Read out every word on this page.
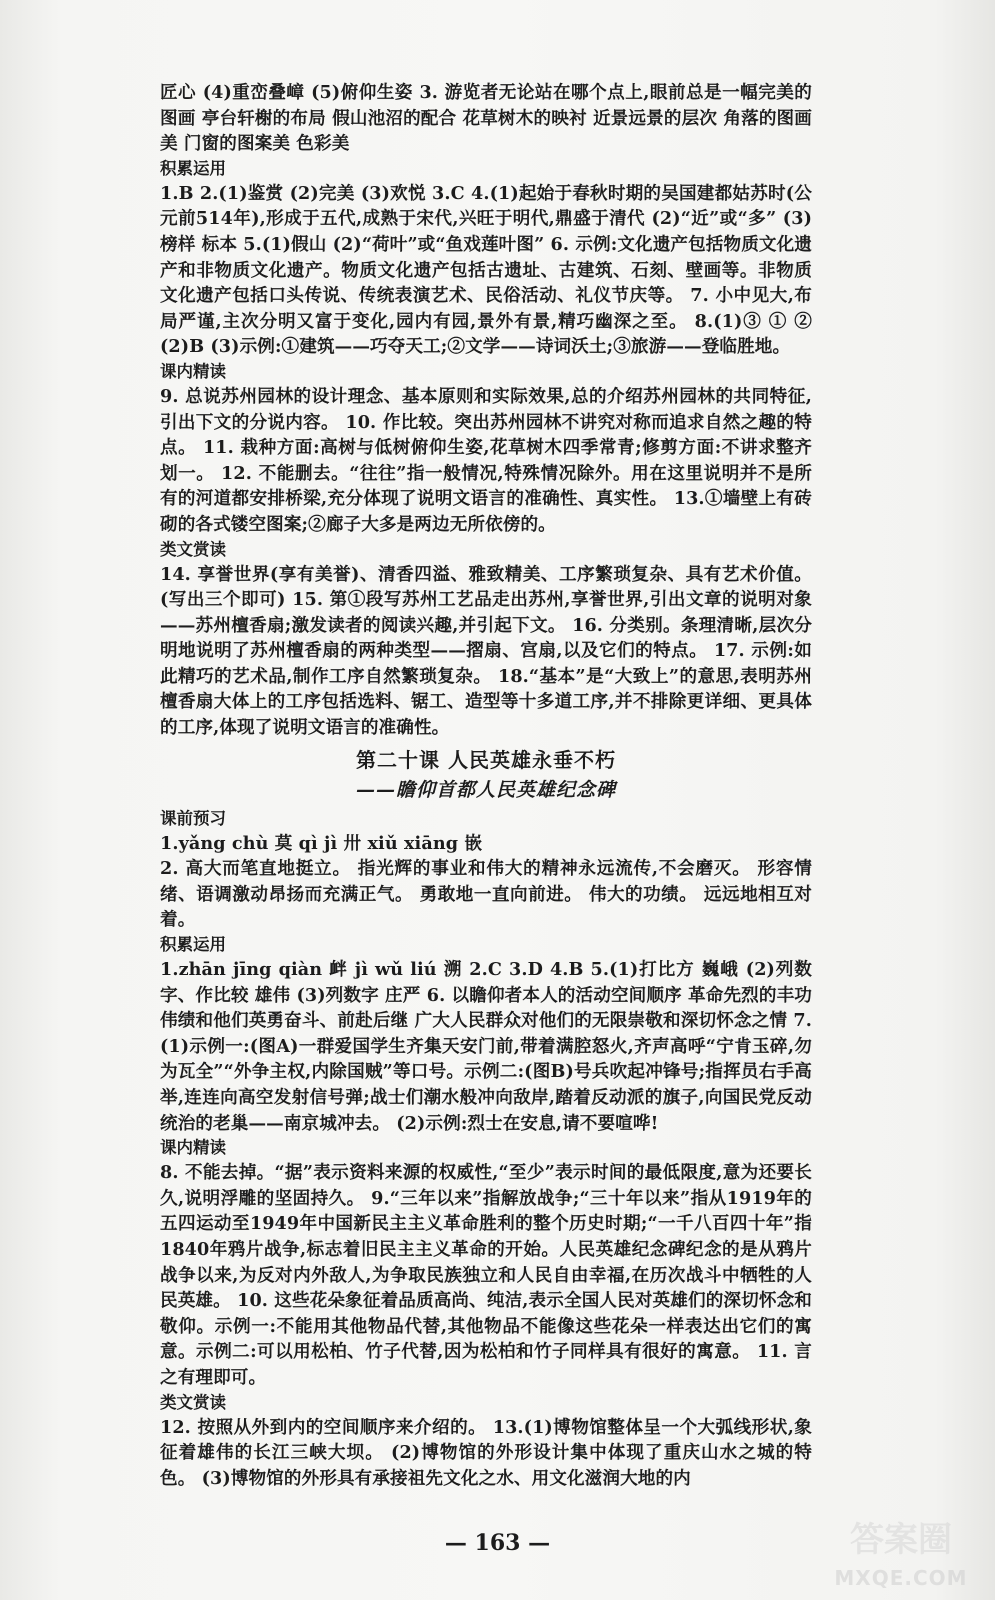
匠心 (4)重峦叠嶂 (5)俯仰生姿 3. 游览者无论站在哪个点上,眼前总是一幅完美的图画 亭台轩榭的布局 假山池沼的配合 花草树木的映衬 近景远景的层次 角落的图画美 门窗的图案美 色彩美

积累运用

1.B 2.(1)鉴赏 (2)完美 (3)欢悦 3.C 4.(1)起始于春秋时期的吴国建都姑苏时(公元前514年),形成于五代,成熟于宋代,兴旺于明代,鼎盛于清代 (2)“近”或“多” (3)榜样 标本 5.(1)假山 (2)“荷叶”或“鱼戏莲叶图” 6. 示例:文化遗产包括物质文化遗产和非物质文化遗产。物质文化遗产包括古遗址、古建筑、石刻、壁画等。非物质文化遗产包括口头传说、传统表演艺术、民俗活动、礼仪节庆等。 7. 小中见大,布局严谨,主次分明又富于变化,园内有园,景外有景,精巧幽深之至。 8.(1)③ ① ② (2)B (3)示例:①建筑——巧夺天工;②文学——诗词沃土;③旅游——登临胜地。

课内精读

9. 总说苏州园林的设计理念、基本原则和实际效果,总的介绍苏州园林的共同特征,引出下文的分说内容。 10. 作比较。突出苏州园林不讲究对称而追求自然之趣的特点。 11. 栽种方面:高树与低树俯仰生姿,花草树木四季常青;修剪方面:不讲求整齐划一。 12. 不能删去。“往往”指一般情况,特殊情况除外。用在这里说明并不是所有的河道都安排桥梁,充分体现了说明文语言的准确性、真实性。 13.①墙壁上有砖砌的各式镂空图案;②廊子大多是两边无所依傍的。

类文赏读

14. 享誉世界(享有美誉)、清香四溢、雅致精美、工序繁琐复杂、具有艺术价值。(写出三个即可) 15. 第①段写苏州工艺品走出苏州,享誉世界,引出文章的说明对象——苏州檀香扇;激发读者的阅读兴趣,并引起下文。 16. 分类别。条理清晰,层次分明地说明了苏州檀香扇的两种类型——摺扇、宫扇,以及它们的特点。 17. 示例:如此精巧的艺术品,制作工序自然繁琐复杂。 18.“基本”是“大致上”的意思,表明苏州檀香扇大体上的工序包括选料、锯工、造型等十多道工序,并不排除更详细、更具体的工序,体现了说明文语言的准确性。

第二十课 人民英雄永垂不朽

——瞻仰首都人民英雄纪念碑

课前预习

1.yǎng chù 莫 qì jì 卅 xiǔ xiāng 嵌

2. 高大而笔直地挺立。 指光辉的事业和伟大的精神永远流传,不会磨灭。 形容情绪、语调激动昂扬而充满正气。 勇敢地一直向前进。 伟大的功绩。 远远地相互对着。

积累运用

1.zhān jīng qiàn 衅 jì wǔ liú 溯 2.C 3.D 4.B 5.(1)打比方 巍峨 (2)列数字、作比较 雄伟 (3)列数字 庄严 6. 以瞻仰者本人的活动空间顺序 革命先烈的丰功伟绩和他们英勇奋斗、前赴后继 广大人民群众对他们的无限崇敬和深切怀念之情 7.(1)示例一:(图A)一群爱国学生齐集天安门前,带着满腔怒火,齐声高呼“宁肯玉碎,勿为瓦全”“外争主权,内除国贼”等口号。示例二:(图B)号兵吹起冲锋号;指挥员右手高举,连连向高空发射信号弹;战士们潮水般冲向敌岸,踏着反动派的旗子,向国民党反动统治的老巢——南京城冲去。 (2)示例:烈士在安息,请不要喧哗!

课内精读

8. 不能去掉。“据”表示资料来源的权威性,“至少”表示时间的最低限度,意为还要长久,说明浮雕的坚固持久。 9.“三年以来”指解放战争;“三十年以来”指从1919年的五四运动至1949年中国新民主主义革命胜利的整个历史时期;“一千八百四十年”指1840年鸦片战争,标志着旧民主主义革命的开始。人民英雄纪念碑纪念的是从鸦片战争以来,为反对内外敌人,为争取民族独立和人民自由幸福,在历次战斗中牺牲的人民英雄。 10. 这些花朵象征着品质高尚、纯洁,表示全国人民对英雄们的深切怀念和敬仰。示例一:不能用其他物品代替,其他物品不能像这些花朵一样表达出它们的寓意。示例二:可以用松柏、竹子代替,因为松柏和竹子同样具有很好的寓意。 11. 言之有理即可。

类文赏读

12. 按照从外到内的空间顺序来介绍的。 13.(1)博物馆整体呈一个大弧线形状,象征着雄伟的长江三峡大坝。 (2)博物馆的外形设计集中体现了重庆山水之城的特色。 (3)博物馆的外形具有承接祖先文化之水、用文化滋润大地的内

— 163 —	答案圈
MXQE.COM
